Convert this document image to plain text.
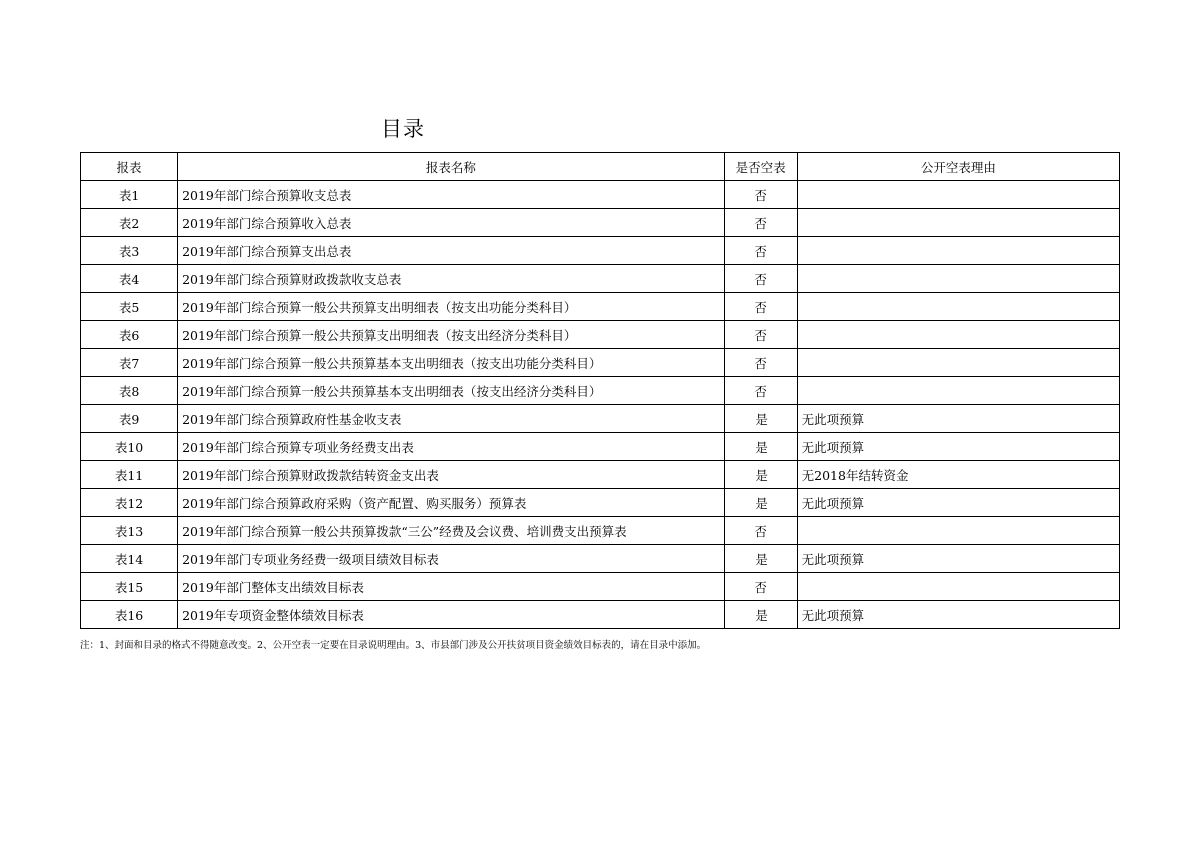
目录
报表	报表名称	是否空表	公开空表理由
表1	2019年部门综合预算收支总表	否	
表2	2019年部门综合预算收入总表	否	
表3	2019年部门综合预算支出总表	否	
表4	2019年部门综合预算财政拨款收支总表	否	
表5	2019年部门综合预算一般公共预算支出明细表（按支出功能分类科目）	否	
表6	2019年部门综合预算一般公共预算支出明细表（按支出经济分类科目）	否	
表7	2019年部门综合预算一般公共预算基本支出明细表（按支出功能分类科目）	否	
表8	2019年部门综合预算一般公共预算基本支出明细表（按支出经济分类科目）	否	
表9	2019年部门综合预算政府性基金收支表	是	无此项预算
表10	2019年部门综合预算专项业务经费支出表	是	无此项预算
表11	2019年部门综合预算财政拨款结转资金支出表	是	无2018年结转资金
表12	2019年部门综合预算政府采购（资产配置、购买服务）预算表	是	无此项预算
表13	2019年部门综合预算一般公共预算拨款“三公”经费及会议费、培训费支出预算表	否	
表14	2019年部门专项业务经费一级项目绩效目标表	是	无此项预算
表15	2019年部门整体支出绩效目标表	否	
表16	2019年专项资金整体绩效目标表	是	无此项预算
注：1、封面和目录的格式不得随意改变。2、公开空表一定要在目录说明理由。3、市县部门涉及公开扶贫项目资金绩效目标表的，请在目录中添加。
